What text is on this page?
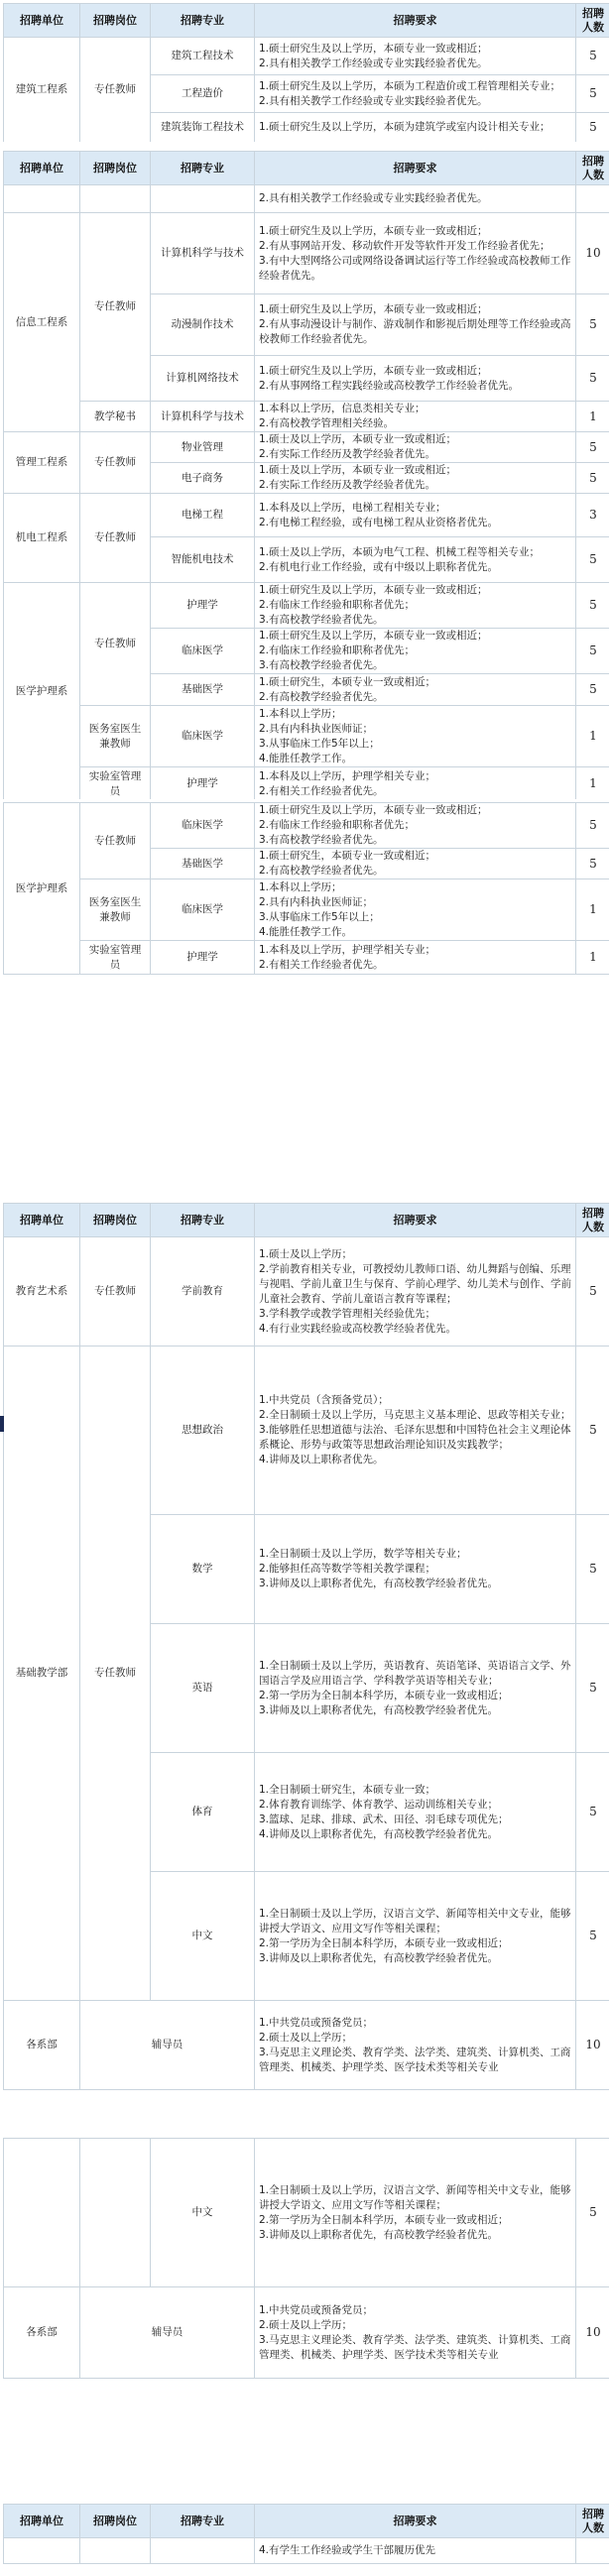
招聘单位	招聘岗位	招聘专业	招聘要求	招聘人数
建筑工程系	专任教师	建筑工程技术	1.硕士研究生及以上学历，本硕专业一致或相近；
2.具有相关教学工作经验或专业实践经验者优先。	5
		工程造价	1.硕士研究生及以上学历，本硕为工程造价或工程管理相关专业；
2.具有相关教学工作经验或专业实践经验者优先。	5
		建筑装饰工程技术	1.硕士研究生及以上学历，本硕为建筑学或室内设计相关专业；	5
招聘单位	招聘岗位	招聘专业	招聘要求	招聘人数
			2.具有相关教学工作经验或专业实践经验者优先。	
信息工程系	专任教师	计算机科学与技术	1.硕士研究生及以上学历，本硕专业一致或相近；
2.有从事网站开发、移动软件开发等软件开发工作经验者优先；
3.有中大型网络公司或网络设备调试运行等工作经验或高校教师工作经验者优先。	10
		动漫制作技术	1.硕士研究生及以上学历，本硕专业一致或相近；
2.有从事动漫设计与制作、游戏制作和影视后期处理等工作经验或高校教师工作经验者优先。	5
		计算机网络技术	1.硕士研究生及以上学历，本硕专业一致或相近；
2.有从事网络工程实践经验或高校教学工作经验者优先。	5
	教学秘书	计算机科学与技术	1.本科以上学历，信息类相关专业；
2.有高校教学管理相关经验。	1
管理工程系	专任教师	物业管理	1.硕士及以上学历，本硕专业一致或相近；
2.有实际工作经历及教学经验者优先。	5
		电子商务	1.硕士及以上学历，本硕专业一致或相近；
2.有实际工作经历及教学经验者优先。	5
机电工程系	专任教师	电梯工程	1.本科及以上学历，电梯工程相关专业；
2.有电梯工程经验，或有电梯工程从业资格者优先。	3
		智能机电技术	1.硕士及以上学历，本硕为电气工程、机械工程等相关专业；
2.有机电行业工作经验，或有中级以上职称者优先。	5
医学护理系	专任教师	护理学	1.硕士研究生及以上学历，本硕专业一致或相近；
2.有临床工作经验和职称者优先；
3.有高校教学经验者优先。	5
		临床医学	1.硕士研究生及以上学历，本硕专业一致或相近；
2.有临床工作经验和职称者优先；
3.有高校教学经验者优先。	5
		基础医学	1.硕士研究生，本硕专业一致或相近；
2.有高校教学经验者优先。	5
	医务室医生兼教师	临床医学	1.本科以上学历；
2.具有内科执业医师证；
3.从事临床工作5年以上；
4.能胜任教学工作。	1
	实验室管理员	护理学	1.本科及以上学历，护理学相关专业；
2.有相关工作经验者优先。	1
医学护理系	专任教师	临床医学	1.硕士研究生及以上学历，本硕专业一致或相近；
2.有临床工作经验和职称者优先；
3.有高校教学经验者优先。	5
		基础医学	1.硕士研究生，本硕专业一致或相近；
2.有高校教学经验者优先。	5
	医务室医生兼教师	临床医学	1.本科以上学历；
2.具有内科执业医师证；
3.从事临床工作5年以上；
4.能胜任教学工作。	1
	实验室管理员	护理学	1.本科及以上学历，护理学相关专业；
2.有相关工作经验者优先。	1
招聘单位	招聘岗位	招聘专业	招聘要求	招聘人数
教育艺术系	专任教师	学前教育	1.硕士及以上学历；
2.学前教育相关专业，可教授幼儿教师口语、幼儿舞蹈与创编、乐理与视唱、学前儿童卫生与保育、学前心理学、幼儿美术与创作、学前儿童社会教育、学前儿童语言教育等课程；
3.学科教学或教学管理相关经验优先；
4.有行业实践经验或高校教学经验者优先。	5
基础教学部	专任教师	思想政治	1.中共党员（含预备党员）；
2.全日制硕士及以上学历，马克思主义基本理论、思政等相关专业；
3.能够胜任思想道德与法治、毛泽东思想和中国特色社会主义理论体系概论、形势与政策等思想政治理论知识及实践教学；
4.讲师及以上职称者优先。	5
		数学	1.全日制硕士及以上学历，数学等相关专业；
2.能够担任高等数学等相关教学课程；
3.讲师及以上职称者优先，有高校教学经验者优先。	5
		英语	1.全日制硕士及以上学历，英语教育、英语笔译、英语语言文学、外国语言学及应用语言学、学科教学英语等相关专业；
2.第一学历为全日制本科学历，本硕专业一致或相近；
3.讲师及以上职称者优先，有高校教学经验者优先。	5
		体育	1.全日制硕士研究生，本硕专业一致；
2.体育教育训练学、体育教学、运动训练相关专业；
3.篮球、足球、排球、武术、田径、羽毛球专项优先；
4.讲师及以上职称者优先，有高校教学经验者优先。	5
		中文	1.全日制硕士及以上学历，汉语言文学、新闻等相关中文专业，能够讲授大学语文、应用文写作等相关课程；
2.第一学历为全日制本科学历，本硕专业一致或相近；
3.讲师及以上职称者优先，有高校教学经验者优先。	5
各系部	辅导员		1.中共党员或预备党员；
2.硕士及以上学历；
3.马克思主义理论类、教育学类、法学类、建筑类、计算机类、工商管理类、机械类、护理学类、医学技术类等相关专业	10
		中文	1.全日制硕士及以上学历，汉语言文学、新闻等相关中文专业，能够讲授大学语文、应用文写作等相关课程；
2.第一学历为全日制本科学历，本硕专业一致或相近；
3.讲师及以上职称者优先，有高校教学经验者优先。	5
各系部	辅导员		1.中共党员或预备党员；
2.硕士及以上学历；
3.马克思主义理论类、教育学类、法学类、建筑类、计算机类、工商管理类、机械类、护理学类、医学技术类等相关专业	10
招聘单位	招聘岗位	招聘专业	招聘要求	招聘人数
			4.有学生工作经验或学生干部履历优先	
